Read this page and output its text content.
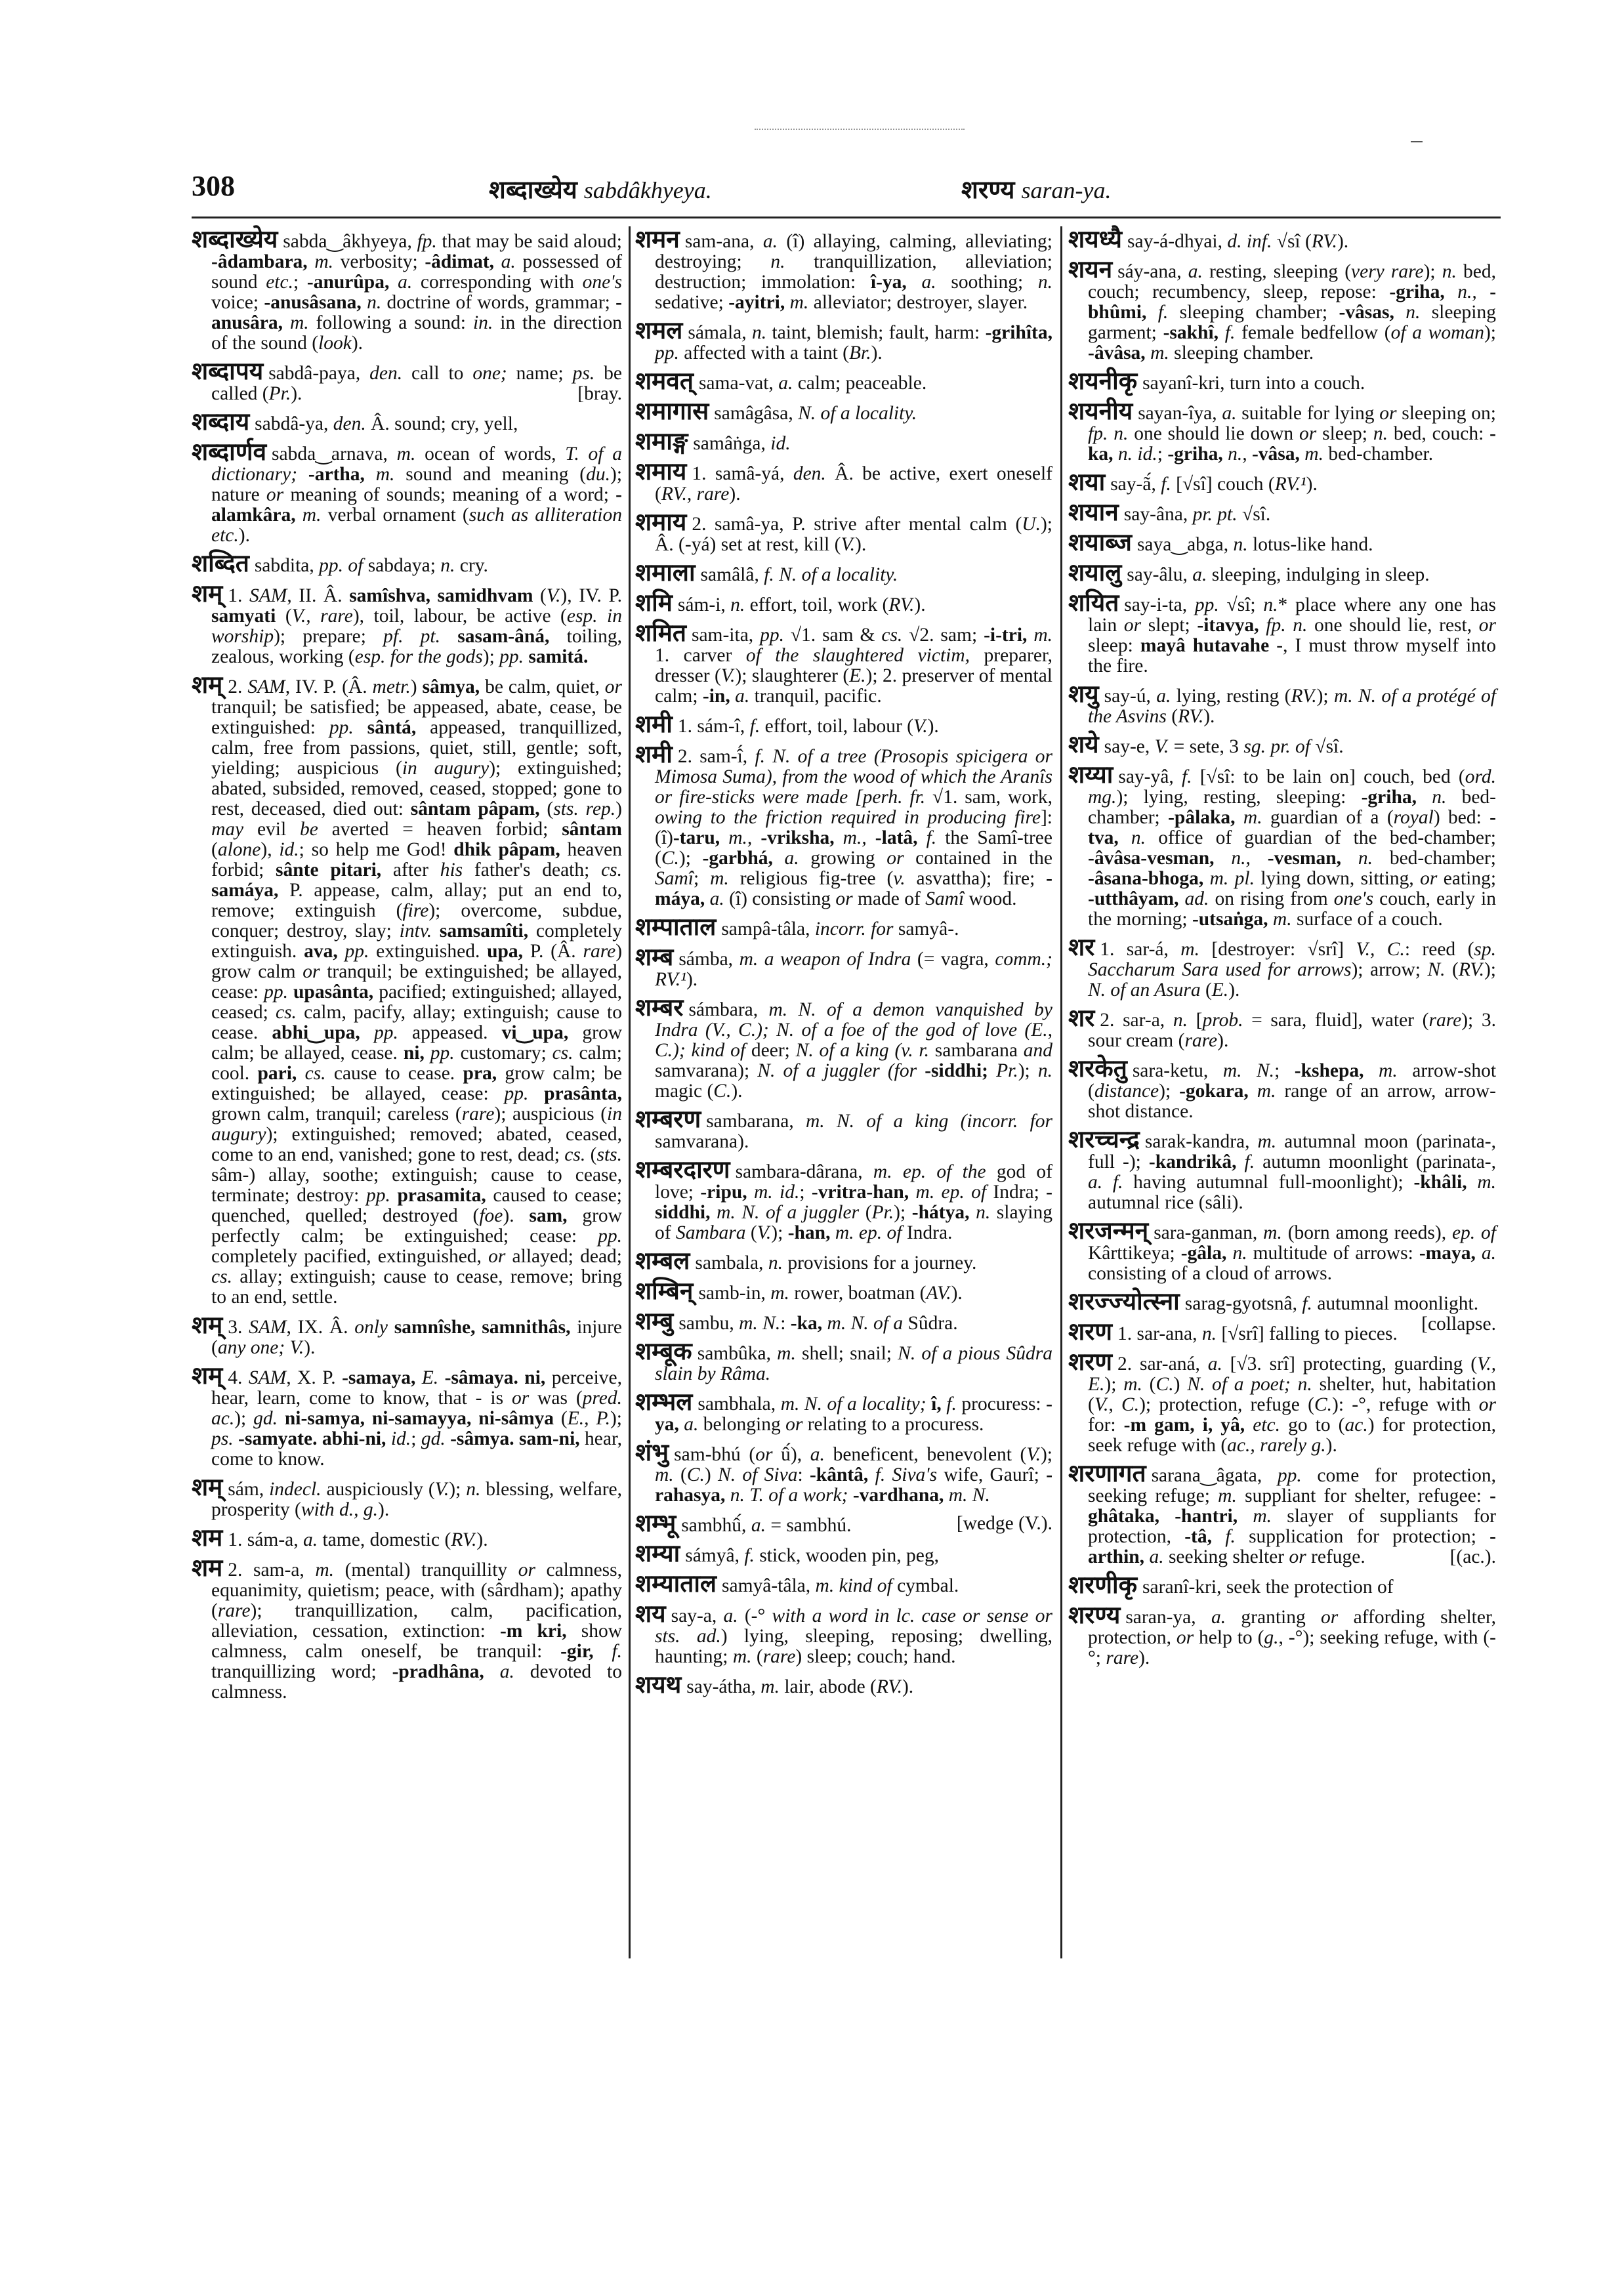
308	शब्दाख्येय sabdâkhyeya.	शरण्य saran-ya.
शब्दाख्येय sabda‿âkhyeya, fp. that may be said aloud; -âdambara, m. verbosity; -âdimat, a. possessed of sound etc.; -anurûpa, a. corresponding with one's voice; -anusâsana, n. doctrine of words, grammar; -anusâra, m. following a sound: in. in the direction of the sound (look).
शब्दापय sabdâ-paya, den. call to one; name; ps. be called (Pr.).	[bray.
शब्दाय sabdâ-ya, den. Â. sound; cry, yell,
शब्दार्णव sabda‿arnava, m. ocean of words, T. of a dictionary; -artha, m. sound and meaning (du.); nature or meaning of sounds; meaning of a word; -alamkâra, m. verbal ornament (such as alliteration etc.).
शब्दित sabdita, pp. of sabdaya; n. cry.
शम् 1. SAM, II. Â. samîshva, samidhvam (V.), IV. P. samyati (V., rare), toil, labour, be active (esp. in worship); prepare; pf. pt. sasam-âná, toiling, zealous, working (esp. for the gods); pp. samitá.
शम् 2. SAM, IV. P. (Â. metr.) sâmya, be calm, quiet, or tranquil; be satisfied; be appeased, abate, cease, be extinguished: pp. sântá, appeased, tranquillized, calm, free from passions, quiet, still, gentle; soft, yielding; auspicious (in augury); extinguished; abated, subsided, removed, ceased, stopped; gone to rest, deceased, died out: sântam pâpam, (sts. rep.) may evil be averted = heaven forbid; sântam (alone), id.; so help me God! dhik pâpam, heaven forbid; sânte pitari, after his father's death; cs. samáya, P. appease, calm, allay; put an end to, remove; extinguish (fire); overcome, subdue, conquer; destroy, slay; intv. samsamîti, completely extinguish. ava, pp. extinguished. upa, P. (Â. rare) grow calm or tranquil; be extinguished; be allayed, cease: pp. upasânta, pacified; extinguished; allayed, ceased; cs. calm, pacify, allay; extinguish; cause to cease. abhi‿upa, pp. appeased. vi‿upa, grow calm; be allayed, cease. ni, pp. customary; cs. calm; cool. pari, cs. cause to cease. pra, grow calm; be extinguished; be allayed, cease: pp. prasânta, grown calm, tranquil; careless (rare); auspicious (in augury); extinguished; removed; abated, ceased, come to an end, vanished; gone to rest, dead; cs. (sts. sâm-) allay, soothe; extinguish; cause to cease, terminate; destroy: pp. prasamita, caused to cease; quenched, quelled; destroyed (foe). sam, grow perfectly calm; be extinguished; cease: pp. completely pacified, extinguished, or allayed; dead; cs. allay; extinguish; cause to cease, remove; bring to an end, settle.
शम् 3. SAM, IX. Â. only samnîshe, samnithâs, injure (any one; V.).
शम् 4. SAM, X. P. -samaya, E. -sâmaya. ni, perceive, hear, learn, come to know, that - is or was (pred. ac.); gd. ni-samya, ni-samayya, ni-sâmya (E., P.); ps. -samyate. abhi-ni, id.; gd. -sâmya. sam-ni, hear, come to know.
शम् sám, indecl. auspiciously (V.); n. blessing, welfare, prosperity (with d., g.).
शम 1. sám-a, a. tame, domestic (RV.).
शम 2. sam-a, m. (mental) tranquillity or calmness, equanimity, quietism; peace, with (sârdham); apathy (rare); tranquillization, calm, pacification, alleviation, cessation, extinction: -m kri, show calmness, calm oneself, be tranquil: -gir, f. tranquillizing word; -pradhâna, a. devoted to calmness.
शमन sam-ana, a. (î) allaying, calming, alleviating; destroying; n. tranquillization, alleviation; destruction; immolation: î-ya, a. soothing; n. sedative; -ayitri, m. alleviator; destroyer, slayer.
शमल sámala, n. taint, blemish; fault, harm: -grihîta, pp. affected with a taint (Br.).
शमवत् sama-vat, a. calm; peaceable.
शमागास samâgâsa, N. of a locality.
शमाङ्ग samâṅga, id.
शमाय 1. samâ-yá, den. Â. be active, exert oneself (RV., rare).
शमाय 2. samâ-ya, P. strive after mental calm (U.); Â. (-yá) set at rest, kill (V.).
शमाला samâlâ, f. N. of a locality.
शमि sám-i, n. effort, toil, work (RV.).
शमित sam-ita, pp. √1. sam & cs. √2. sam; -i-tri, m. 1. carver of the slaughtered victim, preparer, dresser (V.); slaughterer (E.); 2. preserver of mental calm; -in, a. tranquil, pacific.
शमी 1. sám-î, f. effort, toil, labour (V.).
शमी 2. sam-î́, f. N. of a tree (Prosopis spicigera or Mimosa Suma), from the wood of which the Aranîs or fire-sticks were made [perh. fr. √1. sam, work, owing to the friction required in producing fire]: (î)-taru, m., -vriksha, m., -latâ, f. the Samî-tree (C.); -garbhá, a. growing or contained in the Samî; m. religious fig-tree (v. asvattha); fire; -máya, a. (î) consisting or made of Samî wood.
शम्पाताल sampâ-tâla, incorr. for samyâ-.
शम्ब sámba, m. a weapon of Indra (= vagra, comm.; RV.¹).
शम्बर sámbara, m. N. of a demon vanquished by Indra (V., C.); N. of a foe of the god of love (E., C.); kind of deer; N. of a king (v. r. sambarana and samvarana); N. of a juggler (for -siddhi; Pr.); n. magic (C.).
शम्बरण sambarana, m. N. of a king (incorr. for samvarana).
शम्बरदारण sambara-dârana, m. ep. of the god of love; -ripu, m. id.; -vritra-han, m. ep. of Indra; -siddhi, m. N. of a juggler (Pr.); -hátya, n. slaying of Sambara (V.); -han, m. ep. of Indra.
शम्बल sambala, n. provisions for a journey.
शम्बिन् samb-in, m. rower, boatman (AV.).
शम्बु sambu, m. N.: -ka, m. N. of a Sûdra.
शम्बूक sambûka, m. shell; snail; N. of a pious Sûdra slain by Râma.
शम्भल sambhala, m. N. of a locality; î, f. procuress: -ya, a. belonging or relating to a procuress.
शंभु sam-bhú (or û́), a. beneficent, benevolent (V.); m. (C.) N. of Siva: -kântâ, f. Siva's wife, Gaurî; -rahasya, n. T. of a work; -vardhana, m. N.
शम्भू sambhû́, a. = sambhú.	[wedge (V.).
शम्या sámyâ, f. stick, wooden pin, peg,
शम्याताल samyâ-tâla, m. kind of cymbal.
शय say-a, a. (-° with a word in lc. case or sense or sts. ad.) lying, sleeping, reposing; dwelling, haunting; m. (rare) sleep; couch; hand.
शयथ say-átha, m. lair, abode (RV.).
शयध्यै say-á-dhyai, d. inf. √sî (RV.).
शयन sáy-ana, a. resting, sleeping (very rare); n. bed, couch; recumbency, sleep, repose: -griha, n., -bhûmi, f. sleeping chamber; -vâsas, n. sleeping garment; -sakhî, f. female bedfellow (of a woman); -âvâsa, m. sleeping chamber.
शयनीकृ sayanî-kri, turn into a couch.
शयनीय sayan-îya, a. suitable for lying or sleeping on; fp. n. one should lie down or sleep; n. bed, couch: -ka, n. id.; -griha, n., -vâsa, m. bed-chamber.
शया say-ã́, f. [√sî] couch (RV.¹).
शयान say-âna, pr. pt. √sî.
शयाब्ज saya‿abga, n. lotus-like hand.
शयालु say-âlu, a. sleeping, indulging in sleep.
शयित say-i-ta, pp. √sî; n.* place where any one has lain or slept; -itavya, fp. n. one should lie, rest, or sleep: mayâ hutavahe -, I must throw myself into the fire.
शयु say-ú, a. lying, resting (RV.); m. N. of a protégé of the Asvins (RV.).
शये say-e, V. = sete, 3 sg. pr. of √sî.
शय्या say-yâ, f. [√sî: to be lain on] couch, bed (ord. mg.); lying, resting, sleeping: -griha, n. bed-chamber; -pâlaka, m. guardian of a (royal) bed: -tva, n. office of guardian of the bed-chamber; -âvâsa-vesman, n., -vesman, n. bed-chamber; -âsana-bhoga, m. pl. lying down, sitting, or eating; -utthâyam, ad. on rising from one's couch, early in the morning; -utsaṅga, m. surface of a couch.
शर 1. sar-á, m. [destroyer: √srî] V., C.: reed (sp. Saccharum Sara used for arrows); arrow; N. (RV.); N. of an Asura (E.).
शर 2. sar-a, n. [prob. = sara, fluid], water (rare); 3. sour cream (rare).
शरकेतु sara-ketu, m. N.; -kshepa, m. arrow-shot (distance); -gokara, m. range of an arrow, arrow-shot distance.
शरच्चन्द्र sarak-kandra, m. autumnal moon (parinata-, full -); -kandrikâ, f. autumn moonlight (parinata-, a. f. having autumnal full-moonlight); -khâli, m. autumnal rice (sâli).
शरजन्मन् sara-ganman, m. (born among reeds), ep. of Kârttikeya; -gâla, n. multitude of arrows: -maya, a. consisting of a cloud of arrows.
शरज्ज्योत्स्ना sarag-gyotsnâ, f. autumnal moonlight.
[collapse.
शरण 1. sar-ana, n. [√srî] falling to pieces.
शरण 2. sar-aná, a. [√3. srî] protecting, guarding (V., E.); m. (C.) N. of a poet; n. shelter, hut, habitation (V., C.); protection, refuge (C.): -°, refuge with or for: -m gam, i, yâ, etc. go to (ac.) for protection, seek refuge with (ac., rarely g.).
शरणागत sarana‿âgata, pp. come for protection, seeking refuge; m. suppliant for shelter, refugee: -ghâtaka, -hantri, m. slayer of suppliants for protection, -tâ, f. supplication for protection; -arthin, a. seeking shelter or refuge.	[(ac.).
शरणीकृ saranî-kri, seek the protection of
शरण्य saran-ya, a. granting or affording shelter, protection, or help to (g., -°); seeking refuge, with (-°; rare).
